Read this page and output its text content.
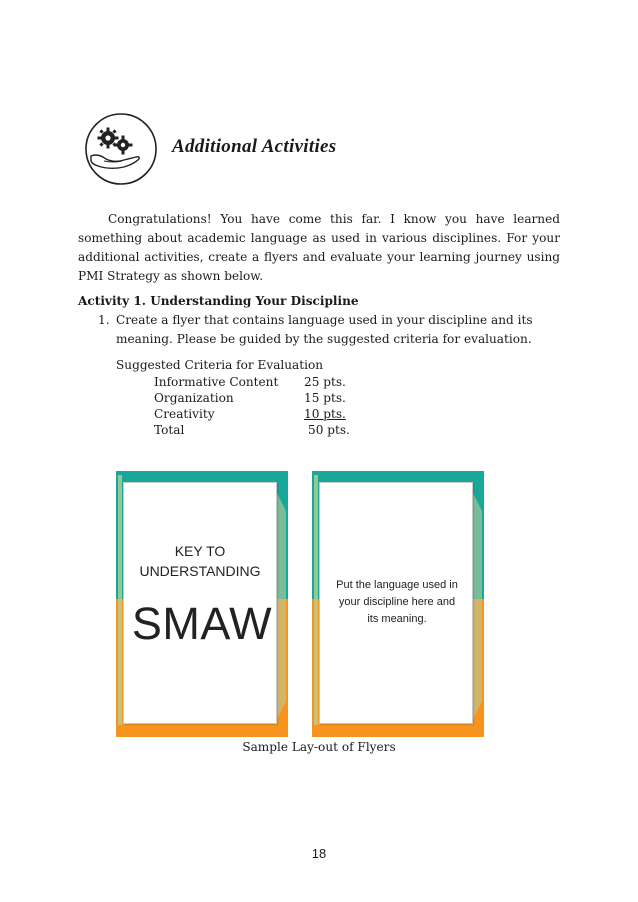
Additional Activities
Congratulations! You have come this far. I know you have learned something about academic language as used in various disciplines. For your additional activities, create a flyers and evaluate your learning journey using PMI Strategy as shown below.
Activity 1. Understanding Your Discipline
1. Create a flyer that contains language used in your discipline and its meaning. Please be guided by the suggested criteria for evaluation.
Suggested Criteria for Evaluation
Informative Content 25 pts.
Organization	15 pts.
Creativity	10 pts.
Total	50 pts.
KEY TO
UNDERSTANDING
SMAW
Put the language used in your discipline here and its meaning.
Sample Lay-out of Flyers
18
